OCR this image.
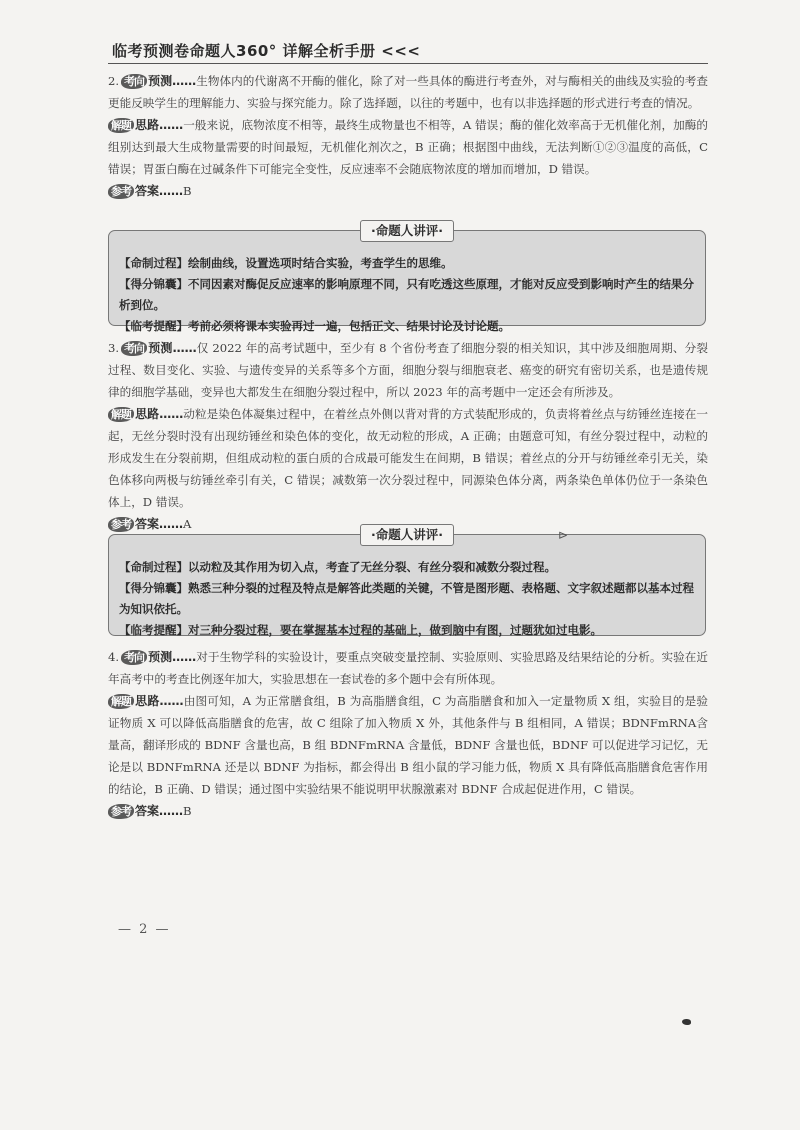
临考预测卷命题人360° 详解全析手册 <<<

2. 考向 预测……生物体内的代谢离不开酶的催化，除了对一些具体的酶进行考查外，对与酶相关的曲线及实验的考查更能反映学生的理解能力、实验与探究能力。除了选择题，以往的考题中，也有以非选择题的形式进行考查的情况。

解题 思路……一般来说，底物浓度不相等，最终生成物量也不相等，A 错误；酶的催化效率高于无机催化剂，加酶的组别达到最大生成物量需要的时间最短，无机催化剂次之，B 正确；根据图中曲线，无法判断①②③温度的高低，C 错误；胃蛋白酶在过碱条件下可能完全变性，反应速率不会随底物浓度的增加而增加，D 错误。

参考 答案……B

·命题人讲评·

【命制过程】绘制曲线，设置选项时结合实验，考查学生的思维。

【得分锦囊】不同因素对酶促反应速率的影响原理不同，只有吃透这些原理，才能对反应受到影响时产生的结果分析到位。

【临考提醒】考前必须将课本实验再过一遍，包括正文、结果讨论及讨论题。

3. 考向 预测……仅 2022 年的高考试题中，至少有 8 个省份考查了细胞分裂的相关知识，其中涉及细胞周期、分裂过程、数目变化、实验、与遗传变异的关系等多个方面，细胞分裂与细胞衰老、癌变的研究有密切关系，也是遗传规律的细胞学基础，变异也大都发生在细胞分裂过程中，所以 2023 年的高考题中一定还会有所涉及。

解题 思路……动粒是染色体凝集过程中，在着丝点外侧以背对背的方式装配形成的，负责将着丝点与纺锤丝连接在一起，无丝分裂时没有出现纺锤丝和染色体的变化，故无动粒的形成，A 正确；由题意可知，有丝分裂过程中，动粒的形成发生在分裂前期，但组成动粒的蛋白质的合成最可能发生在间期，B 错误；着丝点的分开与纺锤丝牵引无关，染色体移向两极与纺锤丝牵引有关，C 错误；减数第一次分裂过程中，同源染色体分离，两条染色单体仍位于一条染色体上，D 错误。

参考 答案……A

·命题人讲评·

【命制过程】以动粒及其作用为切入点，考查了无丝分裂、有丝分裂和减数分裂过程。

【得分锦囊】熟悉三种分裂的过程及特点是解答此类题的关键，不管是图形题、表格题、文字叙述题都以基本过程为知识依托。

【临考提醒】对三种分裂过程，要在掌握基本过程的基础上，做到脑中有图，过题犹如过电影。

⊳

4. 考向 预测……对于生物学科的实验设计，要重点突破变量控制、实验原则、实验思路及结果结论的分析。实验在近年高考中的考查比例逐年加大，实验思想在一套试卷的多个题中会有所体现。

解题 思路……由图可知，A 为正常膳食组，B 为高脂膳食组，C 为高脂膳食和加入一定量物质 X 组，实验目的是验证物质 X 可以降低高脂膳食的危害，故 C 组除了加入物质 X 外，其他条件与 B 组相同，A 错误；BDNFmRNA含量高，翻译形成的 BDNF 含量也高，B 组 BDNFmRNA 含量低，BDNF 含量也低，BDNF 可以促进学习记忆，无论是以 BDNFmRNA 还是以 BDNF 为指标，都会得出 B 组小鼠的学习能力低，物质 X 具有降低高脂膳食危害作用的结论，B 正确、D 错误；通过图中实验结果不能说明甲状腺激素对 BDNF 合成起促进作用，C 错误。

参考 答案……B

— 2 —
